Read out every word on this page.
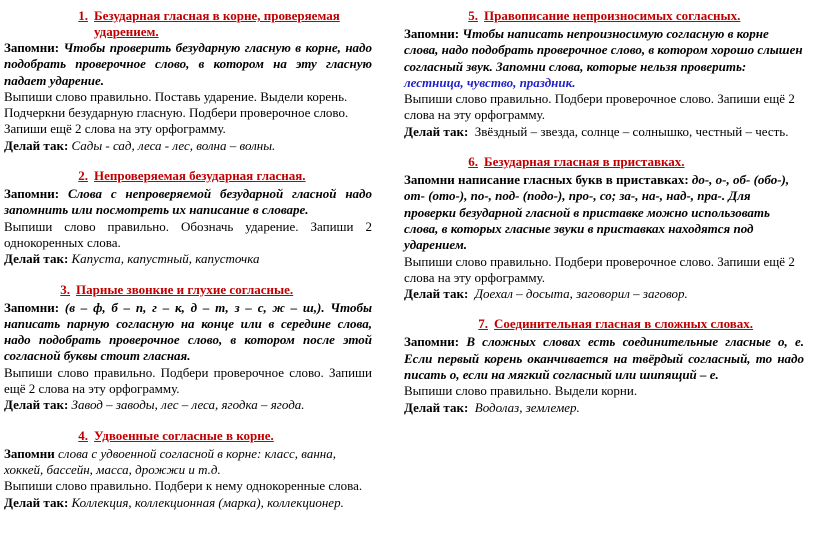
1. Безударная гласная в корне, проверяемая ударением.

Запомни: Чтобы проверить безударную гласную в корне, надо подобрать проверочное слово, в котором на эту гласную падает ударение.

Выпиши слово правильно. Поставь ударение. Выдели корень. Подчеркни безударную гласную. Подбери проверочное слово. Запиши ещё 2 слова на эту орфограмму.

Делай так: Сады - сад, леса - лес, волна – волны.

2. Непроверяемая безударная гласная.

Запомни: Слова с непроверяемой безударной гласной надо запомнить или посмотреть их написание в словаре.

Выпиши слово правильно. Обозначь ударение. Запиши 2 однокоренных слова.

Делай так: Капуста, капустный, капусточка

3. Парные звонкие и глухие согласные.

Запомни: (в – ф, б – п, г – к, д – т, з – с, ж – ш,). Чтобы написать парную согласную на конце или в середине слова, надо подобрать проверочное слово, в котором после этой согласной буквы стоит гласная.

Выпиши слово правильно. Подбери проверочное слово. Запиши ещё 2 слова на эту орфограмму.

Делай так: Завод – заводы, лес – леса, ягодка – ягода.

4. Удвоенные согласные в корне.

Запомни слова с удвоенной согласной в корне: класс, ванна, хоккей, бассейн, масса, дрожжи и т.д.

Выпиши слово правильно. Подбери к нему однокоренные слова.

Делай так: Коллекция, коллекционная (марка), коллекционер.

5. Правописание непроизносимых согласных.

Запомни: Чтобы написать непроизносимую согласную в корне слова, надо подобрать проверочное слово, в котором хорошо слышен согласный звук. Запомни слова, которые нельзя проверить: лестница, чувство, праздник.

Выпиши слово правильно. Подбери проверочное слово. Запиши ещё 2 слова на эту орфограмму.

Делай так: Звёздный – звезда, солнце – солнышко, честный – честь.

6. Безударная гласная в приставках.

Запомни написание гласных букв в приставках: до-, о-, об- (обо-), от- (ото-), по-, под- (подо-), про-, со; за-, на-, над-, пра-. Для проверки безударной гласной в приставке можно использовать слова, в которых гласные звуки в приставках находятся под ударением.

Выпиши слово правильно. Подбери проверочное слово. Запиши ещё 2 слова на эту орфограмму.

Делай так: Доехал – досыта, заговорил – заговор.

7. Соединительная гласная в сложных словах.

Запомни: В сложных словах есть соединительные гласные о, е. Если первый корень оканчивается на твёрдый согласный, то надо писать о, если на мягкий согласный или шипящий – е.

Выпиши слово правильно. Выдели корни.

Делай так: Водолаз, землемер.
